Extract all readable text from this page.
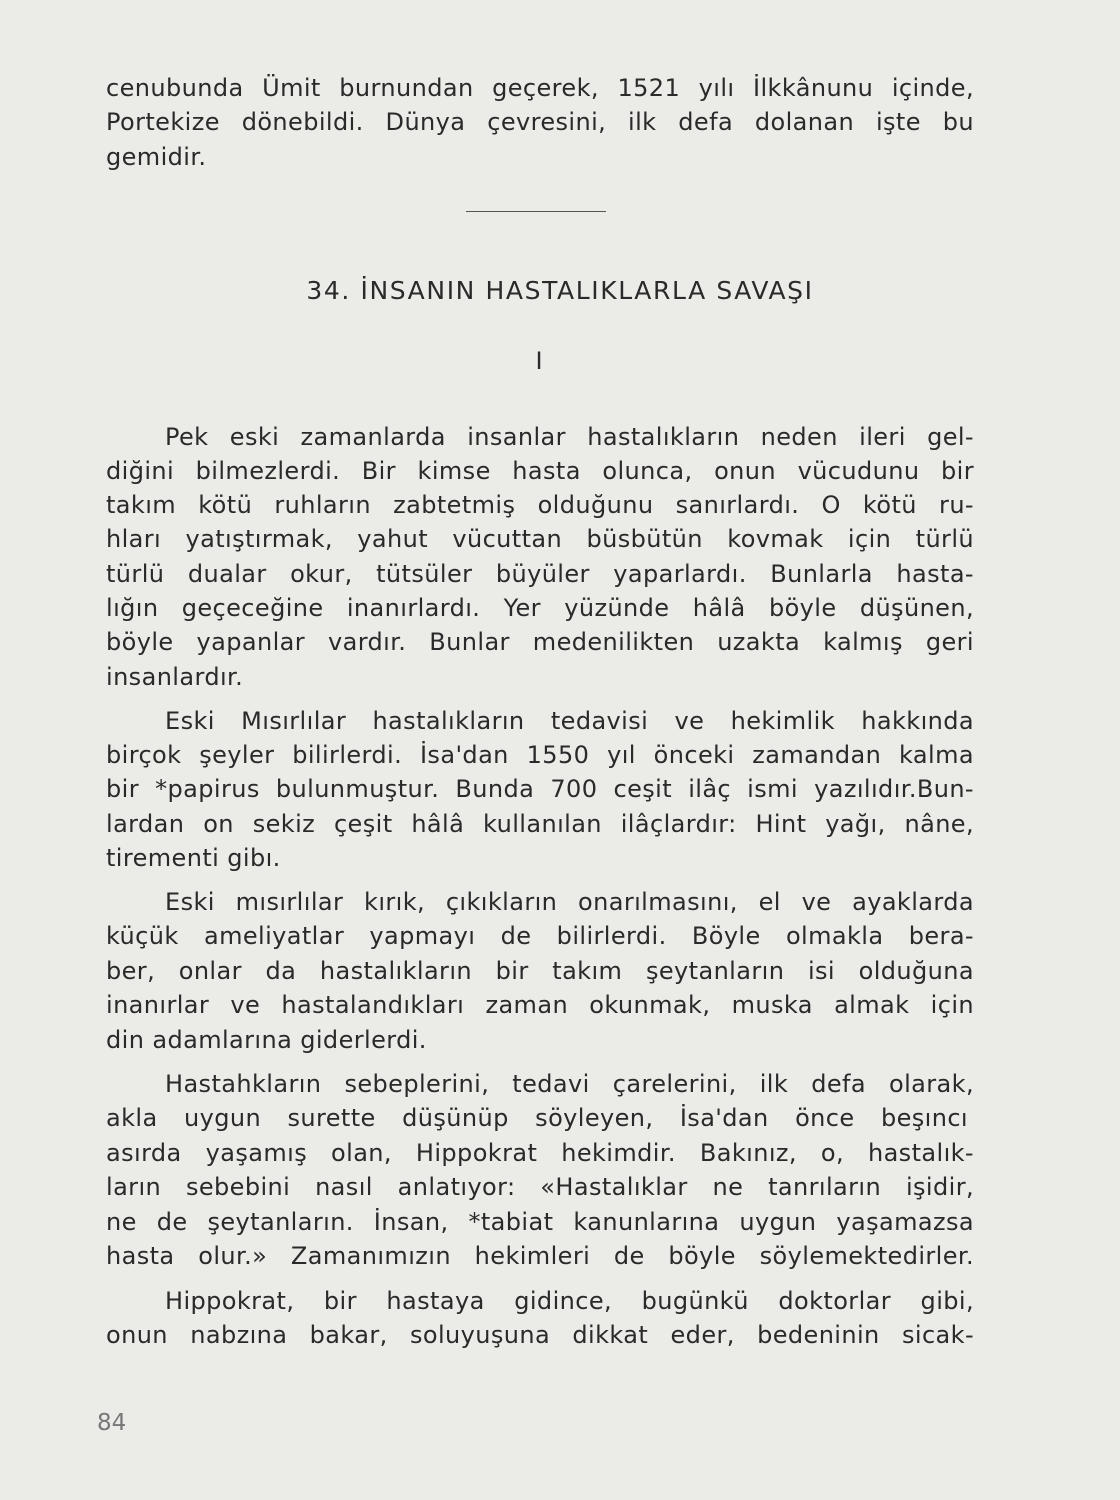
cenubunda Ümit burnundan geçerek, 1521 yılı İlkkânunu içinde,
Portekize dönebildi. Dünya çevresini, ilk defa dolanan işte bu
gemidir.
34. İNSANIN HASTALIKLARLA SAVAŞI
I
Pek eski zamanlarda insanlar hastalıkların neden ileri gel-
diğini bilmezlerdi. Bir kimse hasta olunca, onun vücudunu bir
takım kötü ruhların zabtetmiş olduğunu sanırlardı. O kötü ru-
hları yatıştırmak, yahut vücuttan büsbütün kovmak için türlü
türlü dualar okur, tütsüler büyüler yaparlardı. Bunlarla hasta-
lığın geçeceğine inanırlardı. Yer yüzünde hâlâ böyle düşünen,
böyle yapanlar vardır. Bunlar medenilikten uzakta kalmış geri
insanlardır.
Eski Mısırlılar hastalıkların tedavisi ve hekimlik hakkında
birçok şeyler bilirlerdi. İsa'dan 1550 yıl önceki zamandan kalma
bir *papirus bulunmuştur. Bunda 700 ceşit ilâç ismi yazılıdır.Bun-
lardan on sekiz çeşit hâlâ kullanılan ilâçlardır: Hint yağı, nâne,
tirementi gibı.
Eski mısırlılar kırık, çıkıkların onarılmasını, el ve ayaklarda
küçük ameliyatlar yapmayı de bilirlerdi. Böyle olmakla bera-
ber, onlar da hastalıkların bir takım şeytanların isi olduğuna
inanırlar ve hastalandıkları zaman okunmak, muska almak için
din adamlarına giderlerdi.
Hastahkların sebeplerini, tedavi çarelerini, ilk defa olarak,
akla uygun surette düşünüp söyleyen, İsa'dan önce beşıncı
asırda yaşamış olan, Hippokrat hekimdir. Bakınız, o, hastalık-
ların sebebini nasıl anlatıyor: «Hastalıklar ne tanrıların işidir,
ne de şeytanların. İnsan, *tabiat kanunlarına uygun yaşamazsa
hasta olur.» Zamanımızın hekimleri de böyle söylemektedirler.
Hippokrat, bir hastaya gidince, bugünkü doktorlar gibi,
onun nabzına bakar, soluyuşuna dikkat eder, bedeninin sicak-
84
